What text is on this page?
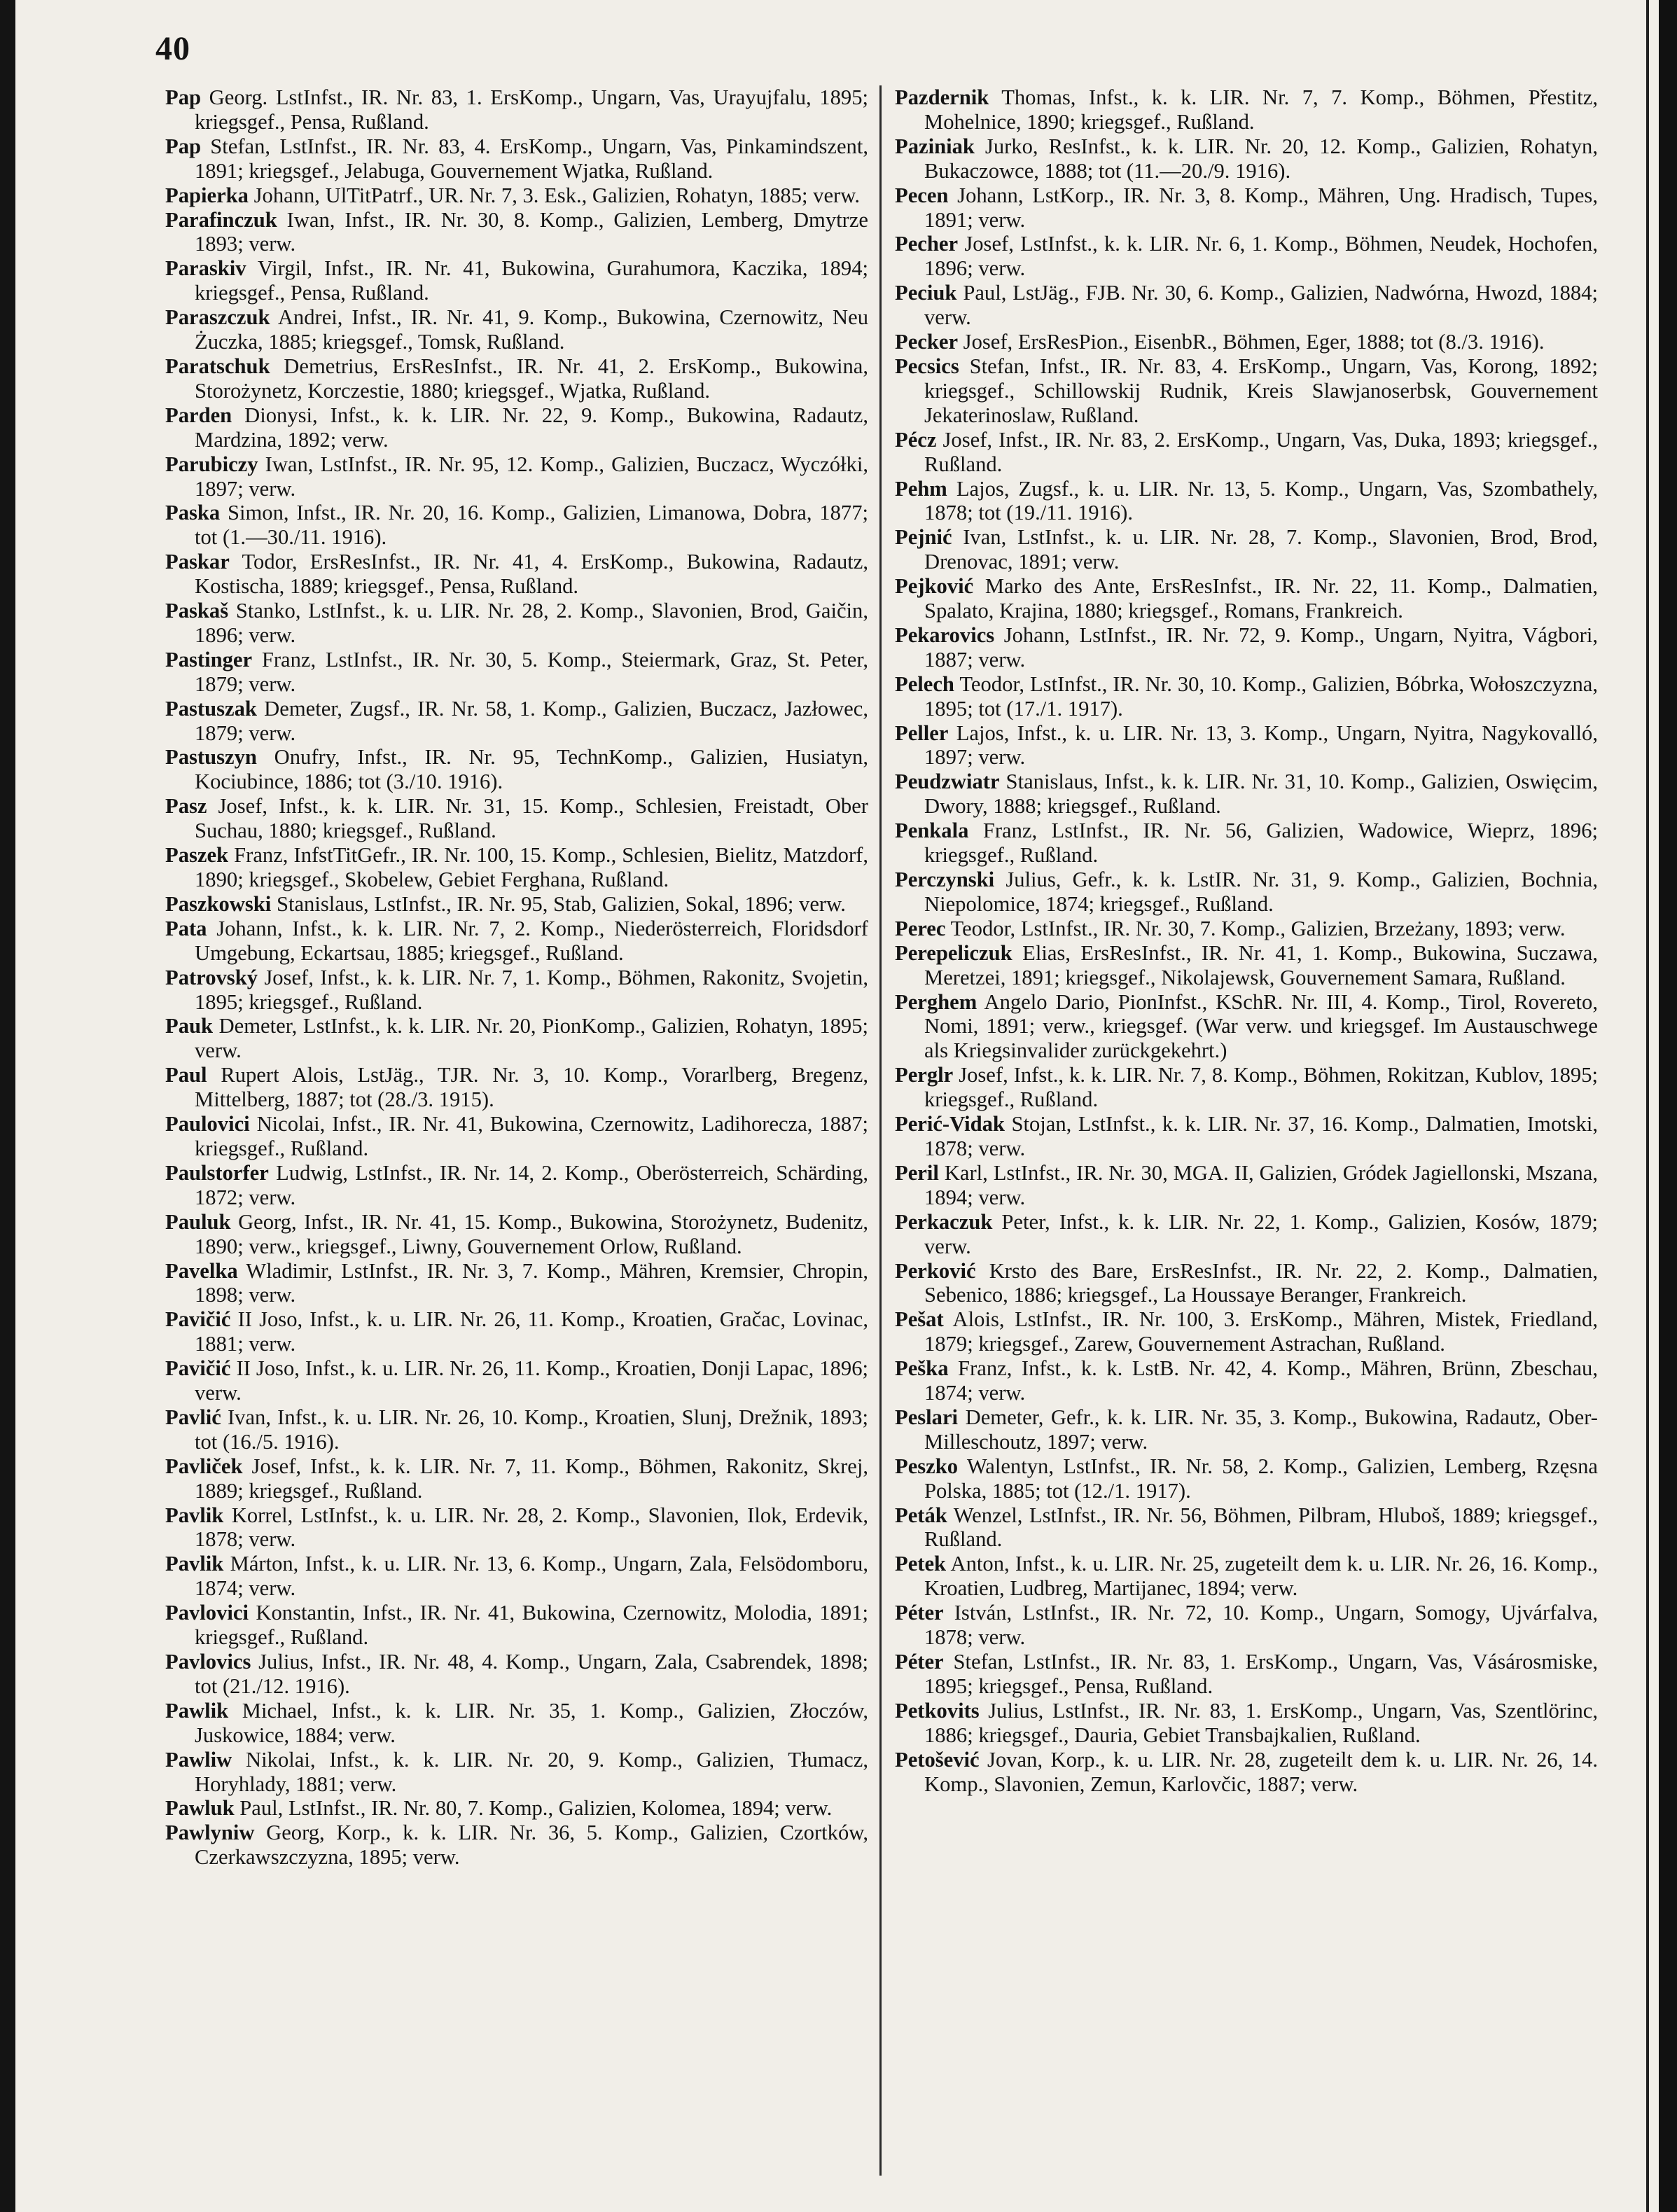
40

Pap Georg. LstInfst., IR. Nr. 83, 1. ErsKomp., Ungarn, Vas, Urayujfalu, 1895; kriegsgef., Pensa, Rußland.

Pap Stefan, LstInfst., IR. Nr. 83, 4. ErsKomp., Ungarn, Vas, Pinkamindszent, 1891; kriegsgef., Jelabuga, Gouvernement Wjatka, Rußland.

Papierka Johann, UlTitPatrf., UR. Nr. 7, 3. Esk., Galizien, Rohatyn, 1885; verw.

Parafinczuk Iwan, Infst., IR. Nr. 30, 8. Komp., Galizien, Lemberg, Dmytrze 1893; verw.

Paraskiv Virgil, Infst., IR. Nr. 41, Bukowina, Gurahumora, Kaczika, 1894; kriegsgef., Pensa, Rußland.

Paraszczuk Andrei, Infst., IR. Nr. 41, 9. Komp., Bukowina, Czernowitz, Neu Żuczka, 1885; kriegsgef., Tomsk, Rußland.

Paratschuk Demetrius, ErsResInfst., IR. Nr. 41, 2. ErsKomp., Bukowina, Storożynetz, Korczestie, 1880; kriegsgef., Wjatka, Rußland.

Parden Dionysi, Infst., k. k. LIR. Nr. 22, 9. Komp., Bukowina, Radautz, Mardzina, 1892; verw.

Parubiczy Iwan, LstInfst., IR. Nr. 95, 12. Komp., Galizien, Buczacz, Wyczółki, 1897; verw.

Paska Simon, Infst., IR. Nr. 20, 16. Komp., Galizien, Limanowa, Dobra, 1877; tot (1.—30./11. 1916).

Paskar Todor, ErsResInfst., IR. Nr. 41, 4. ErsKomp., Bukowina, Radautz, Kostischa, 1889; kriegsgef., Pensa, Rußland.

Paskaš Stanko, LstInfst., k. u. LIR. Nr. 28, 2. Komp., Slavonien, Brod, Gaičin, 1896; verw.

Pastinger Franz, LstInfst., IR. Nr. 30, 5. Komp., Steiermark, Graz, St. Peter, 1879; verw.

Pastuszak Demeter, Zugsf., IR. Nr. 58, 1. Komp., Galizien, Buczacz, Jazłowec, 1879; verw.

Pastuszyn Onufry, Infst., IR. Nr. 95, TechnKomp., Galizien, Husiatyn, Kociubince, 1886; tot (3./10. 1916).

Pasz Josef, Infst., k. k. LIR. Nr. 31, 15. Komp., Schlesien, Freistadt, Ober Suchau, 1880; kriegsgef., Rußland.

Paszek Franz, InfstTitGefr., IR. Nr. 100, 15. Komp., Schlesien, Bielitz, Matzdorf, 1890; kriegsgef., Skobelew, Gebiet Ferghana, Rußland.

Paszkowski Stanislaus, LstInfst., IR. Nr. 95, Stab, Galizien, Sokal, 1896; verw.

Pata Johann, Infst., k. k. LIR. Nr. 7, 2. Komp., Niederösterreich, Floridsdorf Umgebung, Eckartsau, 1885; kriegsgef., Rußland.

Patrovský Josef, Infst., k. k. LIR. Nr. 7, 1. Komp., Böhmen, Rakonitz, Svojetin, 1895; kriegsgef., Rußland.

Pauk Demeter, LstInfst., k. k. LIR. Nr. 20, PionKomp., Galizien, Rohatyn, 1895; verw.

Paul Rupert Alois, LstJäg., TJR. Nr. 3, 10. Komp., Vorarlberg, Bregenz, Mittelberg, 1887; tot (28./3. 1915).

Paulovici Nicolai, Infst., IR. Nr. 41, Bukowina, Czernowitz, Ladihorecza, 1887; kriegsgef., Rußland.

Paulstorfer Ludwig, LstInfst., IR. Nr. 14, 2. Komp., Oberösterreich, Schärding, 1872; verw.

Pauluk Georg, Infst., IR. Nr. 41, 15. Komp., Bukowina, Storożynetz, Budenitz, 1890; verw., kriegsgef., Liwny, Gouvernement Orlow, Rußland.

Pavelka Wladimir, LstInfst., IR. Nr. 3, 7. Komp., Mähren, Kremsier, Chropin, 1898; verw.

Pavičić II Joso, Infst., k. u. LIR. Nr. 26, 11. Komp., Kroatien, Gračac, Lovinac, 1881; verw.

Pavičić II Joso, Infst., k. u. LIR. Nr. 26, 11. Komp., Kroatien, Donji Lapac, 1896; verw.

Pavlić Ivan, Infst., k. u. LIR. Nr. 26, 10. Komp., Kroatien, Slunj, Drežnik, 1893; tot (16./5. 1916).

Pavliček Josef, Infst., k. k. LIR. Nr. 7, 11. Komp., Böhmen, Rakonitz, Skrej, 1889; kriegsgef., Rußland.

Pavlik Korrel, LstInfst., k. u. LIR. Nr. 28, 2. Komp., Slavonien, Ilok, Erdevik, 1878; verw.

Pavlik Márton, Infst., k. u. LIR. Nr. 13, 6. Komp., Ungarn, Zala, Felsödomboru, 1874; verw.

Pavlovici Konstantin, Infst., IR. Nr. 41, Bukowina, Czernowitz, Molodia, 1891; kriegsgef., Rußland.

Pavlovics Julius, Infst., IR. Nr. 48, 4. Komp., Ungarn, Zala, Csabrendek, 1898; tot (21./12. 1916).

Pawlik Michael, Infst., k. k. LIR. Nr. 35, 1. Komp., Galizien, Złoczów, Juskowice, 1884; verw.

Pawliw Nikolai, Infst., k. k. LIR. Nr. 20, 9. Komp., Galizien, Tłumacz, Horyhlady, 1881; verw.

Pawluk Paul, LstInfst., IR. Nr. 80, 7. Komp., Galizien, Kolomea, 1894; verw.

Pawlyniw Georg, Korp., k. k. LIR. Nr. 36, 5. Komp., Galizien, Czortków, Czerkawszczyzna, 1895; verw.

Pazdernik Thomas, Infst., k. k. LIR. Nr. 7, 7. Komp., Böhmen, Přestitz, Mohelnice, 1890; kriegsgef., Rußland.

Paziniak Jurko, ResInfst., k. k. LIR. Nr. 20, 12. Komp., Galizien, Rohatyn, Bukaczowce, 1888; tot (11.—20./9. 1916).

Pecen Johann, LstKorp., IR. Nr. 3, 8. Komp., Mähren, Ung. Hradisch, Tupes, 1891; verw.

Pecher Josef, LstInfst., k. k. LIR. Nr. 6, 1. Komp., Böhmen, Neudek, Hochofen, 1896; verw.

Peciuk Paul, LstJäg., FJB. Nr. 30, 6. Komp., Galizien, Nadwórna, Hwozd, 1884; verw.

Pecker Josef, ErsResPion., EisenbR., Böhmen, Eger, 1888; tot (8./3. 1916).

Pecsics Stefan, Infst., IR. Nr. 83, 4. ErsKomp., Ungarn, Vas, Korong, 1892; kriegsgef., Schillowskij Rudnik, Kreis Slawjanoserbsk, Gouvernement Jekaterinoslaw, Rußland.

Pécz Josef, Infst., IR. Nr. 83, 2. ErsKomp., Ungarn, Vas, Duka, 1893; kriegsgef., Rußland.

Pehm Lajos, Zugsf., k. u. LIR. Nr. 13, 5. Komp., Ungarn, Vas, Szombathely, 1878; tot (19./11. 1916).

Pejnić Ivan, LstInfst., k. u. LIR. Nr. 28, 7. Komp., Slavonien, Brod, Brod, Drenovac, 1891; verw.

Pejković Marko des Ante, ErsResInfst., IR. Nr. 22, 11. Komp., Dalmatien, Spalato, Krajina, 1880; kriegsgef., Romans, Frankreich.

Pekarovics Johann, LstInfst., IR. Nr. 72, 9. Komp., Ungarn, Nyitra, Vágbori, 1887; verw.

Pelech Teodor, LstInfst., IR. Nr. 30, 10. Komp., Galizien, Bóbrka, Wołoszczyzna, 1895; tot (17./1. 1917).

Peller Lajos, Infst., k. u. LIR. Nr. 13, 3. Komp., Ungarn, Nyitra, Nagykovalló, 1897; verw.

Peudzwiatr Stanislaus, Infst., k. k. LIR. Nr. 31, 10. Komp., Galizien, Oswięcim, Dwory, 1888; kriegsgef., Rußland.

Penkala Franz, LstInfst., IR. Nr. 56, Galizien, Wadowice, Wieprz, 1896; kriegsgef., Rußland.

Perczynski Julius, Gefr., k. k. LstIR. Nr. 31, 9. Komp., Galizien, Bochnia, Niepolomice, 1874; kriegsgef., Rußland.

Perec Teodor, LstInfst., IR. Nr. 30, 7. Komp., Galizien, Brzeżany, 1893; verw.

Perepeliczuk Elias, ErsResInfst., IR. Nr. 41, 1. Komp., Bukowina, Suczawa, Meretzei, 1891; kriegsgef., Nikolajewsk, Gouvernement Samara, Rußland.

Perghem Angelo Dario, PionInfst., KSchR. Nr. III, 4. Komp., Tirol, Rovereto, Nomi, 1891; verw., kriegsgef. (War verw. und kriegsgef. Im Austauschwege als Kriegsinvalider zurückgekehrt.)

Perglr Josef, Infst., k. k. LIR. Nr. 7, 8. Komp., Böhmen, Rokitzan, Kublov, 1895; kriegsgef., Rußland.

Perić-Vidak Stojan, LstInfst., k. k. LIR. Nr. 37, 16. Komp., Dalmatien, Imotski, 1878; verw.

Peril Karl, LstInfst., IR. Nr. 30, MGA. II, Galizien, Gródek Jagiellonski, Mszana, 1894; verw.

Perkaczuk Peter, Infst., k. k. LIR. Nr. 22, 1. Komp., Galizien, Kosów, 1879; verw.

Perković Krsto des Bare, ErsResInfst., IR. Nr. 22, 2. Komp., Dalmatien, Sebenico, 1886; kriegsgef., La Houssaye Beranger, Frankreich.

Pešat Alois, LstInfst., IR. Nr. 100, 3. ErsKomp., Mähren, Mistek, Friedland, 1879; kriegsgef., Zarew, Gouvernement Astrachan, Rußland.

Peška Franz, Infst., k. k. LstB. Nr. 42, 4. Komp., Mähren, Brünn, Zbeschau, 1874; verw.

Peslari Demeter, Gefr., k. k. LIR. Nr. 35, 3. Komp., Bukowina, Radautz, Ober-Milleschoutz, 1897; verw.

Peszko Walentyn, LstInfst., IR. Nr. 58, 2. Komp., Galizien, Lemberg, Rzęsna Polska, 1885; tot (12./1. 1917).

Peták Wenzel, LstInfst., IR. Nr. 56, Böhmen, Pilbram, Hluboš, 1889; kriegsgef., Rußland.

Petek Anton, Infst., k. u. LIR. Nr. 25, zugeteilt dem k. u. LIR. Nr. 26, 16. Komp., Kroatien, Ludbreg, Martijanec, 1894; verw.

Péter István, LstInfst., IR. Nr. 72, 10. Komp., Ungarn, Somogy, Ujvárfalva, 1878; verw.

Péter Stefan, LstInfst., IR. Nr. 83, 1. ErsKomp., Ungarn, Vas, Vásárosmiske, 1895; kriegsgef., Pensa, Rußland.

Petkovits Julius, LstInfst., IR. Nr. 83, 1. ErsKomp., Ungarn, Vas, Szentlörinc, 1886; kriegsgef., Dauria, Gebiet Transbajkalien, Rußland.

Petošević Jovan, Korp., k. u. LIR. Nr. 28, zugeteilt dem k. u. LIR. Nr. 26, 14. Komp., Slavonien, Zemun, Karlovčic, 1887; verw.
